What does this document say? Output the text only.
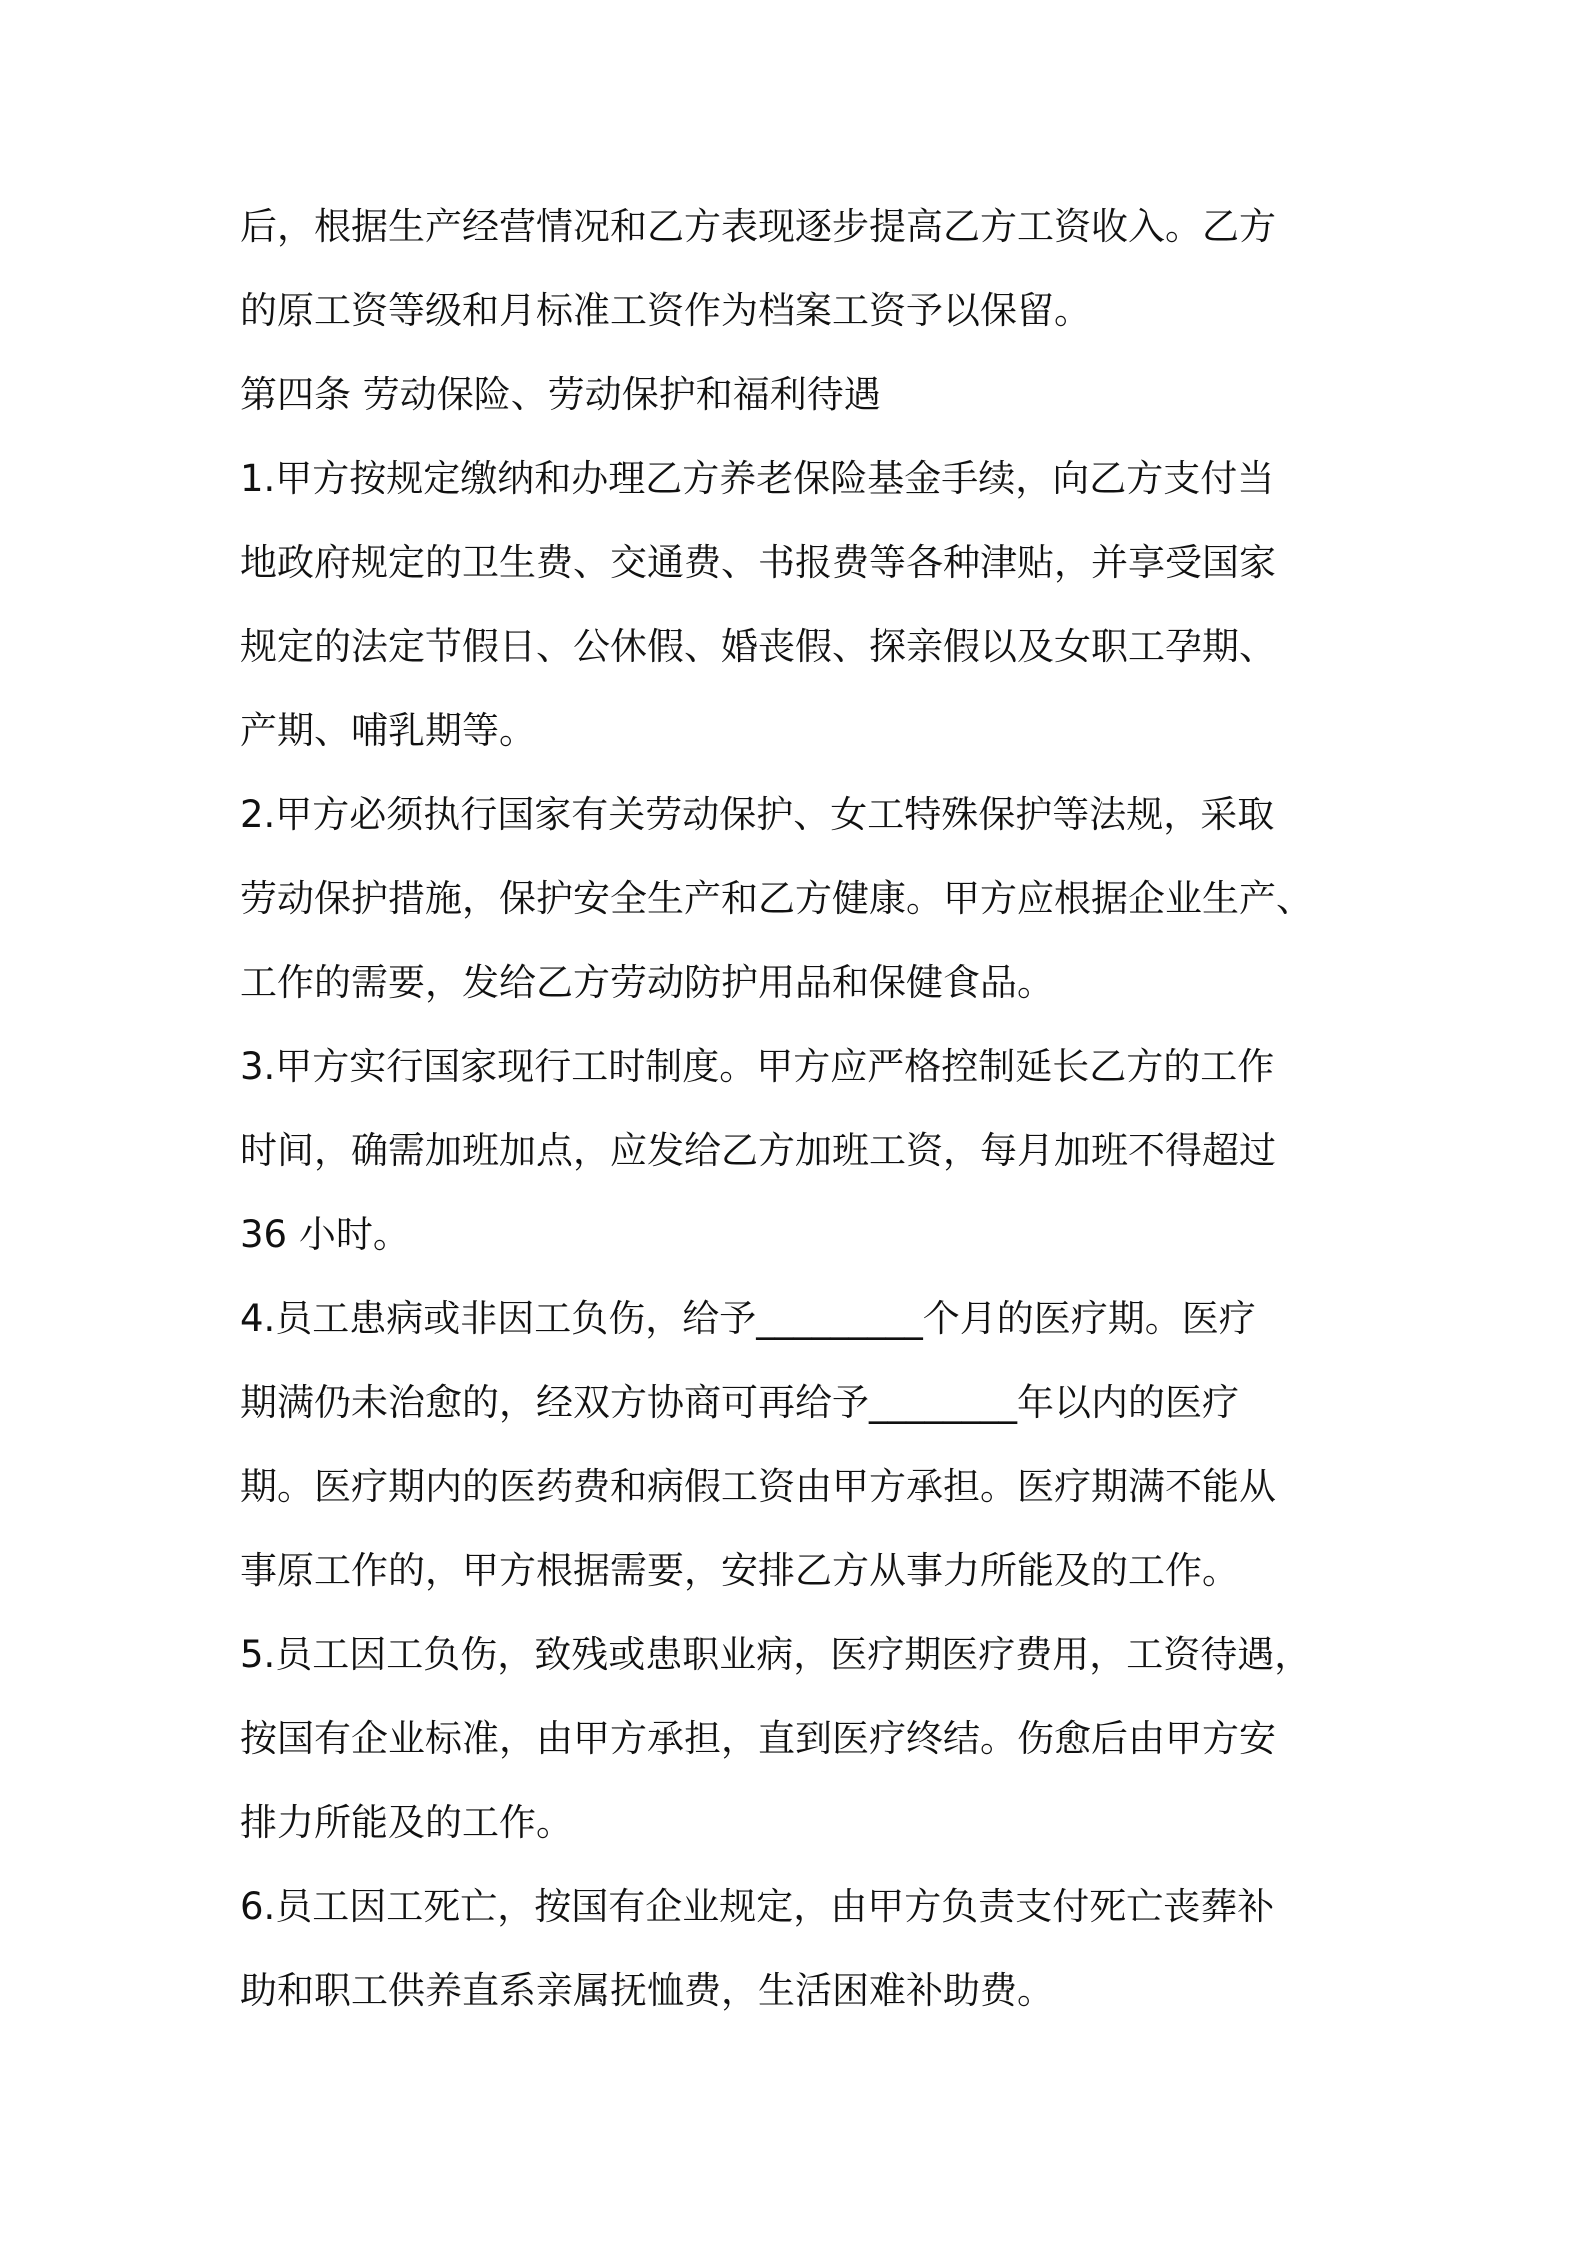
后，根据生产经营情况和乙方表现逐步提高乙方工资收入。乙方
的原工资等级和月标准工资作为档案工资予以保留。
第四条 劳动保险、劳动保护和福利待遇
1.甲方按规定缴纳和办理乙方养老保险基金手续，向乙方支付当
地政府规定的卫生费、交通费、书报费等各种津贴，并享受国家
规定的法定节假日、公休假、婚丧假、探亲假以及女职工孕期、
产期、哺乳期等。
2.甲方必须执行国家有关劳动保护、女工特殊保护等法规，采取
劳动保护措施，保护安全生产和乙方健康。甲方应根据企业生产、
工作的需要，发给乙方劳动防护用品和保健食品。
3.甲方实行国家现行工时制度。甲方应严格控制延长乙方的工作
时间，确需加班加点，应发给乙方加班工资，每月加班不得超过
36 小时。
4.员工患病或非因工负伤，给予_________个月的医疗期。医疗
期满仍未治愈的，经双方协商可再给予________年以内的医疗
期。医疗期内的医药费和病假工资由甲方承担。医疗期满不能从
事原工作的，甲方根据需要，安排乙方从事力所能及的工作。
5.员工因工负伤，致残或患职业病，医疗期医疗费用，工资待遇，
按国有企业标准，由甲方承担，直到医疗终结。伤愈后由甲方安
排力所能及的工作。
6.员工因工死亡，按国有企业规定，由甲方负责支付死亡丧葬补
助和职工供养直系亲属抚恤费，生活困难补助费。
